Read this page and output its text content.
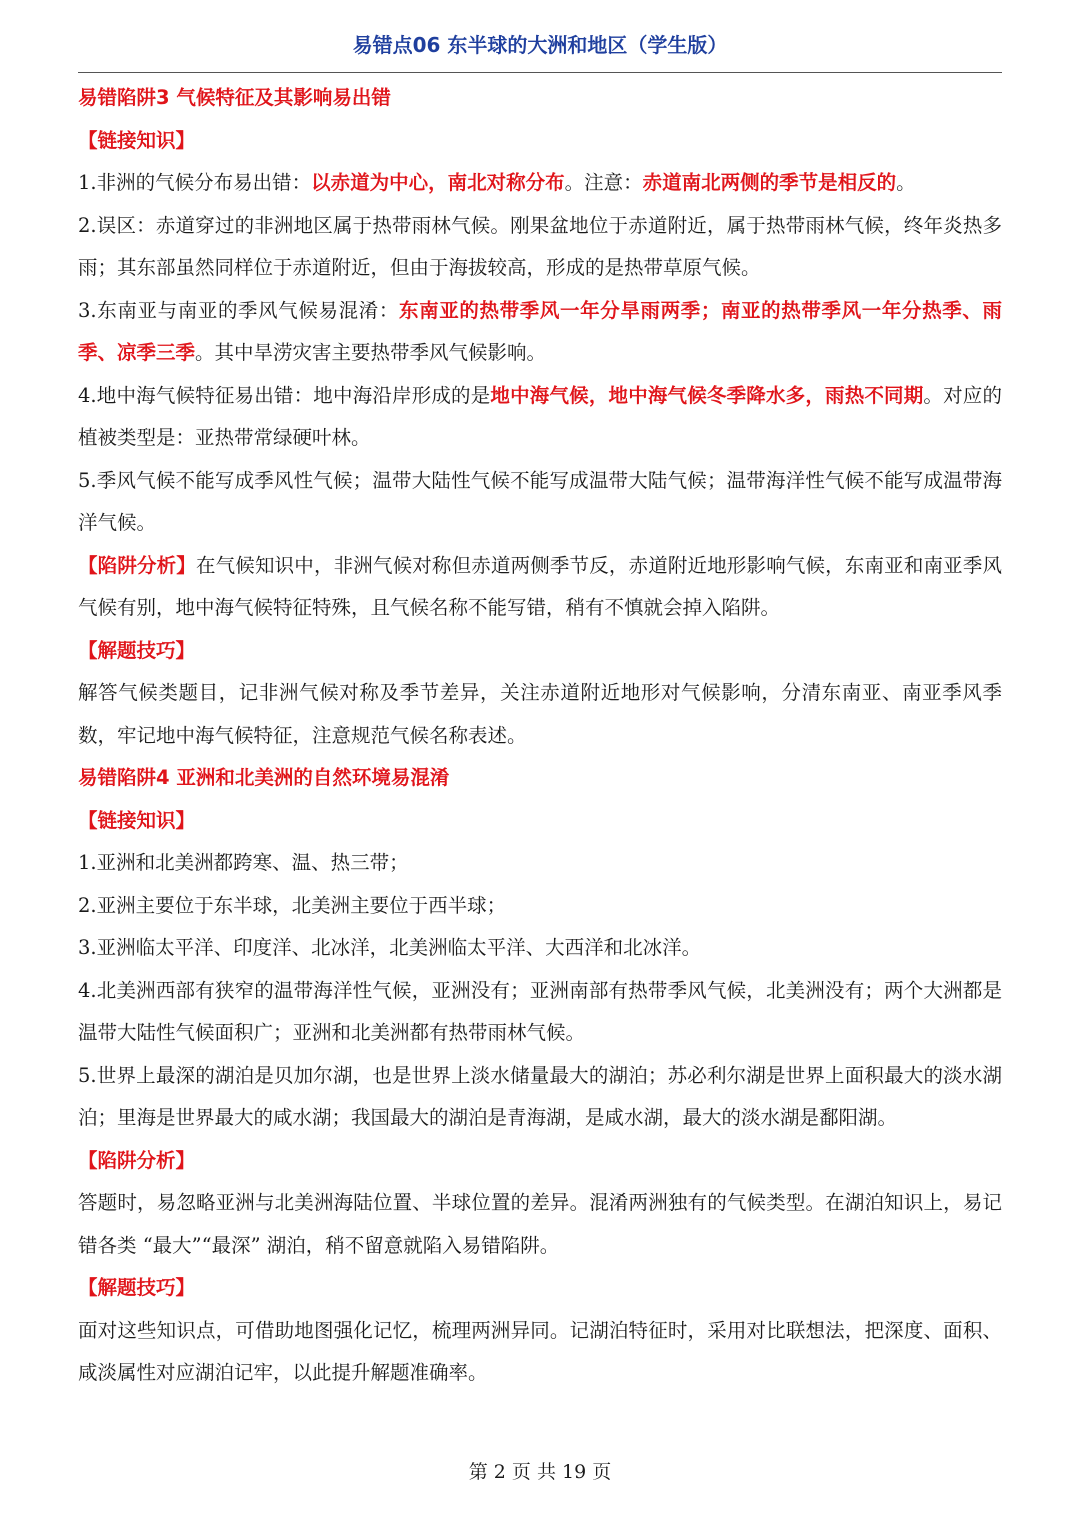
易错点06 东半球的大洲和地区（学生版）

易错陷阱3 气候特征及其影响易出错

【链接知识】

1.非洲的气候分布易出错：以赤道为中心，南北对称分布。注意：赤道南北两侧的季节是相反的。

2.误区：赤道穿过的非洲地区属于热带雨林气候。刚果盆地位于赤道附近，属于热带雨林气候，终年炎热多雨；其东部虽然同样位于赤道附近，但由于海拔较高，形成的是热带草原气候。

3.东南亚与南亚的季风气候易混淆：东南亚的热带季风一年分旱雨两季；南亚的热带季风一年分热季、雨季、凉季三季。其中旱涝灾害主要热带季风气候影响。

4.地中海气候特征易出错：地中海沿岸形成的是地中海气候，地中海气候冬季降水多，雨热不同期。对应的植被类型是：亚热带常绿硬叶林。

5.季风气候不能写成季风性气候；温带大陆性气候不能写成温带大陆气候；温带海洋性气候不能写成温带海洋气候。

【陷阱分析】在气候知识中，非洲气候对称但赤道两侧季节反，赤道附近地形影响气候，东南亚和南亚季风气候有别，地中海气候特征特殊，且气候名称不能写错，稍有不慎就会掉入陷阱。

【解题技巧】

解答气候类题目，记非洲气候对称及季节差异，关注赤道附近地形对气候影响，分清东南亚、南亚季风季数，牢记地中海气候特征，注意规范气候名称表述。

易错陷阱4 亚洲和北美洲的自然环境易混淆

【链接知识】

1.亚洲和北美洲都跨寒、温、热三带；

2.亚洲主要位于东半球，北美洲主要位于西半球；

3.亚洲临太平洋、印度洋、北冰洋，北美洲临太平洋、大西洋和北冰洋。

4.北美洲西部有狭窄的温带海洋性气候，亚洲没有；亚洲南部有热带季风气候，北美洲没有；两个大洲都是温带大陆性气候面积广；亚洲和北美洲都有热带雨林气候。

5.世界上最深的湖泊是贝加尔湖，也是世界上淡水储量最大的湖泊；苏必利尔湖是世界上面积最大的淡水湖泊；里海是世界最大的咸水湖；我国最大的湖泊是青海湖，是咸水湖，最大的淡水湖是鄱阳湖。

【陷阱分析】

答题时，易忽略亚洲与北美洲海陆位置、半球位置的差异。混淆两洲独有的气候类型。在湖泊知识上，易记错各类 “最大”“最深” 湖泊，稍不留意就陷入易错陷阱。

【解题技巧】

面对这些知识点，可借助地图强化记忆，梳理两洲异同。记湖泊特征时，采用对比联想法，把深度、面积、咸淡属性对应湖泊记牢，以此提升解题准确率。

第 2 页 共 19 页
